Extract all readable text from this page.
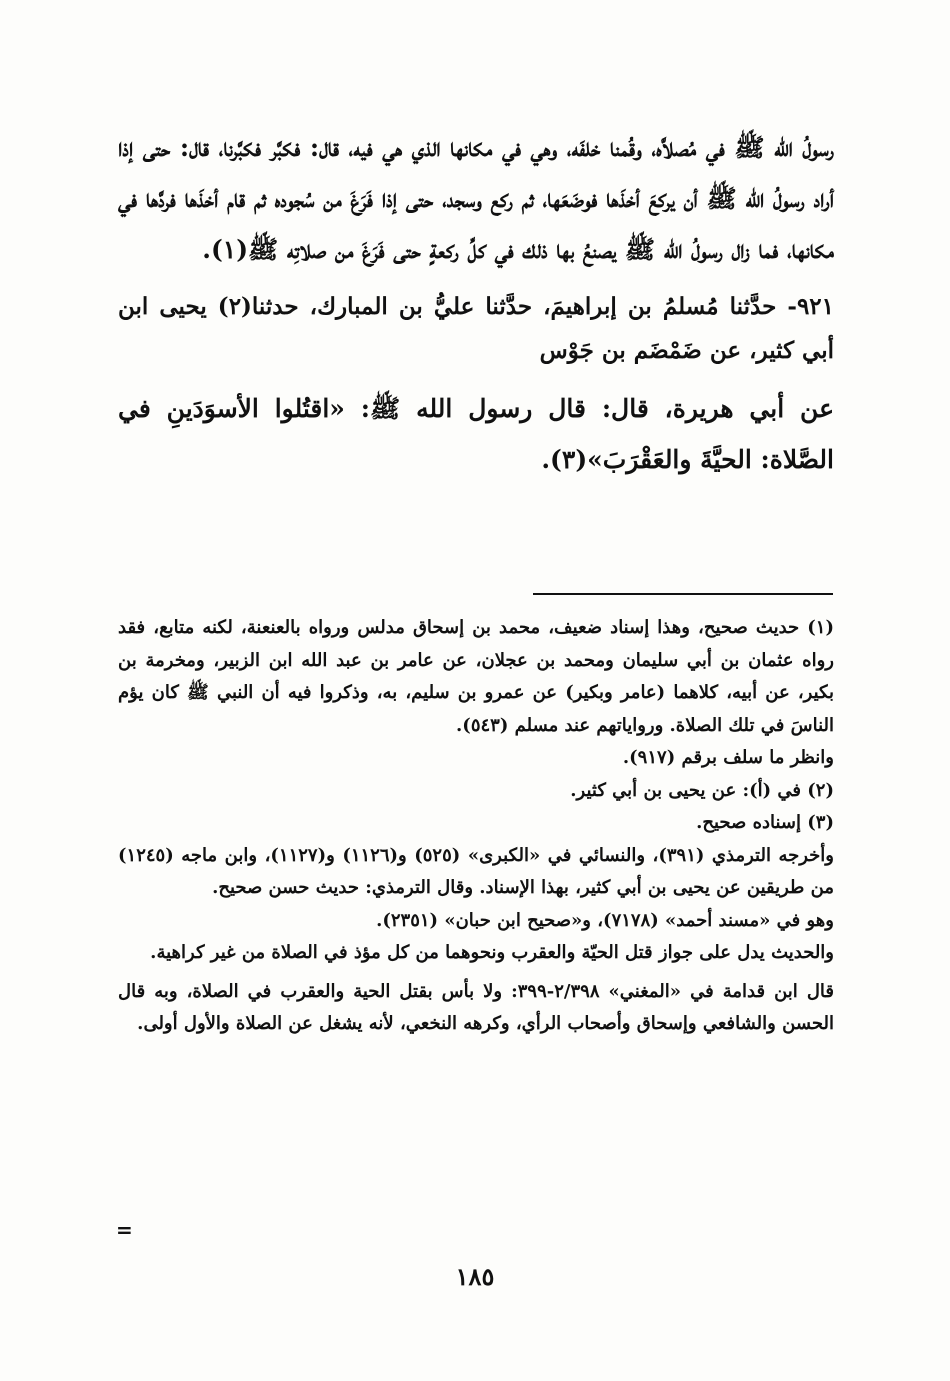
رسولُ الله ﷺ في مُصلاَّه، وقُمنا خلفَه، وهي في مكانها الذي هي فيه، قال: فكبَّر فكبَّرنا، قال: حتى إذا أراد رسولُ الله ﷺ أن يركعَ أخذَها فوضَعَها، ثم ركع وسجد، حتى إذا فَرَغَ من سُجوده ثم قام أخذَها فردَّها في مكانها، فما زال رسولُ الله ﷺ يصنعُ بها ذلك في كلِّ ركعةٍ حتى فَرَغَ من صلاتِه ﷺ(١).

٩٢١- حدَّثنا مُسلمُ بن إبراهيمَ، حدَّثنا عليُّ بن المبارك، حدثنا(٢) يحيى ابن أبي كثير، عن ضَمْضَم بن جَوْس

عن أبي هريرة، قال: قال رسول الله ﷺ: «اقتُلوا الأسوَدَينِ في الصَّلاة: الحيَّةَ والعَقْرَبَ»(٣).

(١) حديث صحيح، وهذا إسناد ضعيف، محمد بن إسحاق مدلس ورواه بالعنعنة، لكنه متابع، فقد رواه عثمان بن أبي سليمان ومحمد بن عجلان، عن عامر بن عبد الله ابن الزبير، ومخرمة بن بكير، عن أبيه، كلاهما (عامر وبكير) عن عمرو بن سليم، به، وذكروا فيه أن النبي ﷺ كان يؤم الناسَ في تلك الصلاة. ورواياتهم عند مسلم (٥٤٣).

وانظر ما سلف برقم (٩١٧).

(٢) في (أ): عن يحيى بن أبي كثير.

(٣) إسناده صحيح.

وأخرجه الترمذي (٣٩١)، والنسائي في «الكبرى» (٥٢٥) و(١١٢٦) و(١١٢٧)، وابن ماجه (١٢٤٥) من طريقين عن يحيى بن أبي كثير، بهذا الإسناد. وقال الترمذي: حديث حسن صحيح.

وهو في «مسند أحمد» (٧١٧٨)، و«صحيح ابن حبان» (٢٣٥١).

والحديث يدل على جواز قتل الحيّة والعقرب ونحوهما من كل مؤذ في الصلاة من غير كراهية.

قال ابن قدامة في «المغني» ٢/٣٩٨-٣٩٩: ولا بأس بقتل الحية والعقرب في الصلاة، وبه قال الحسن والشافعي وإسحاق وأصحاب الرأي، وكرهه النخعي، لأنه يشغل عن الصلاة والأول أولى.

=
١٨٥
